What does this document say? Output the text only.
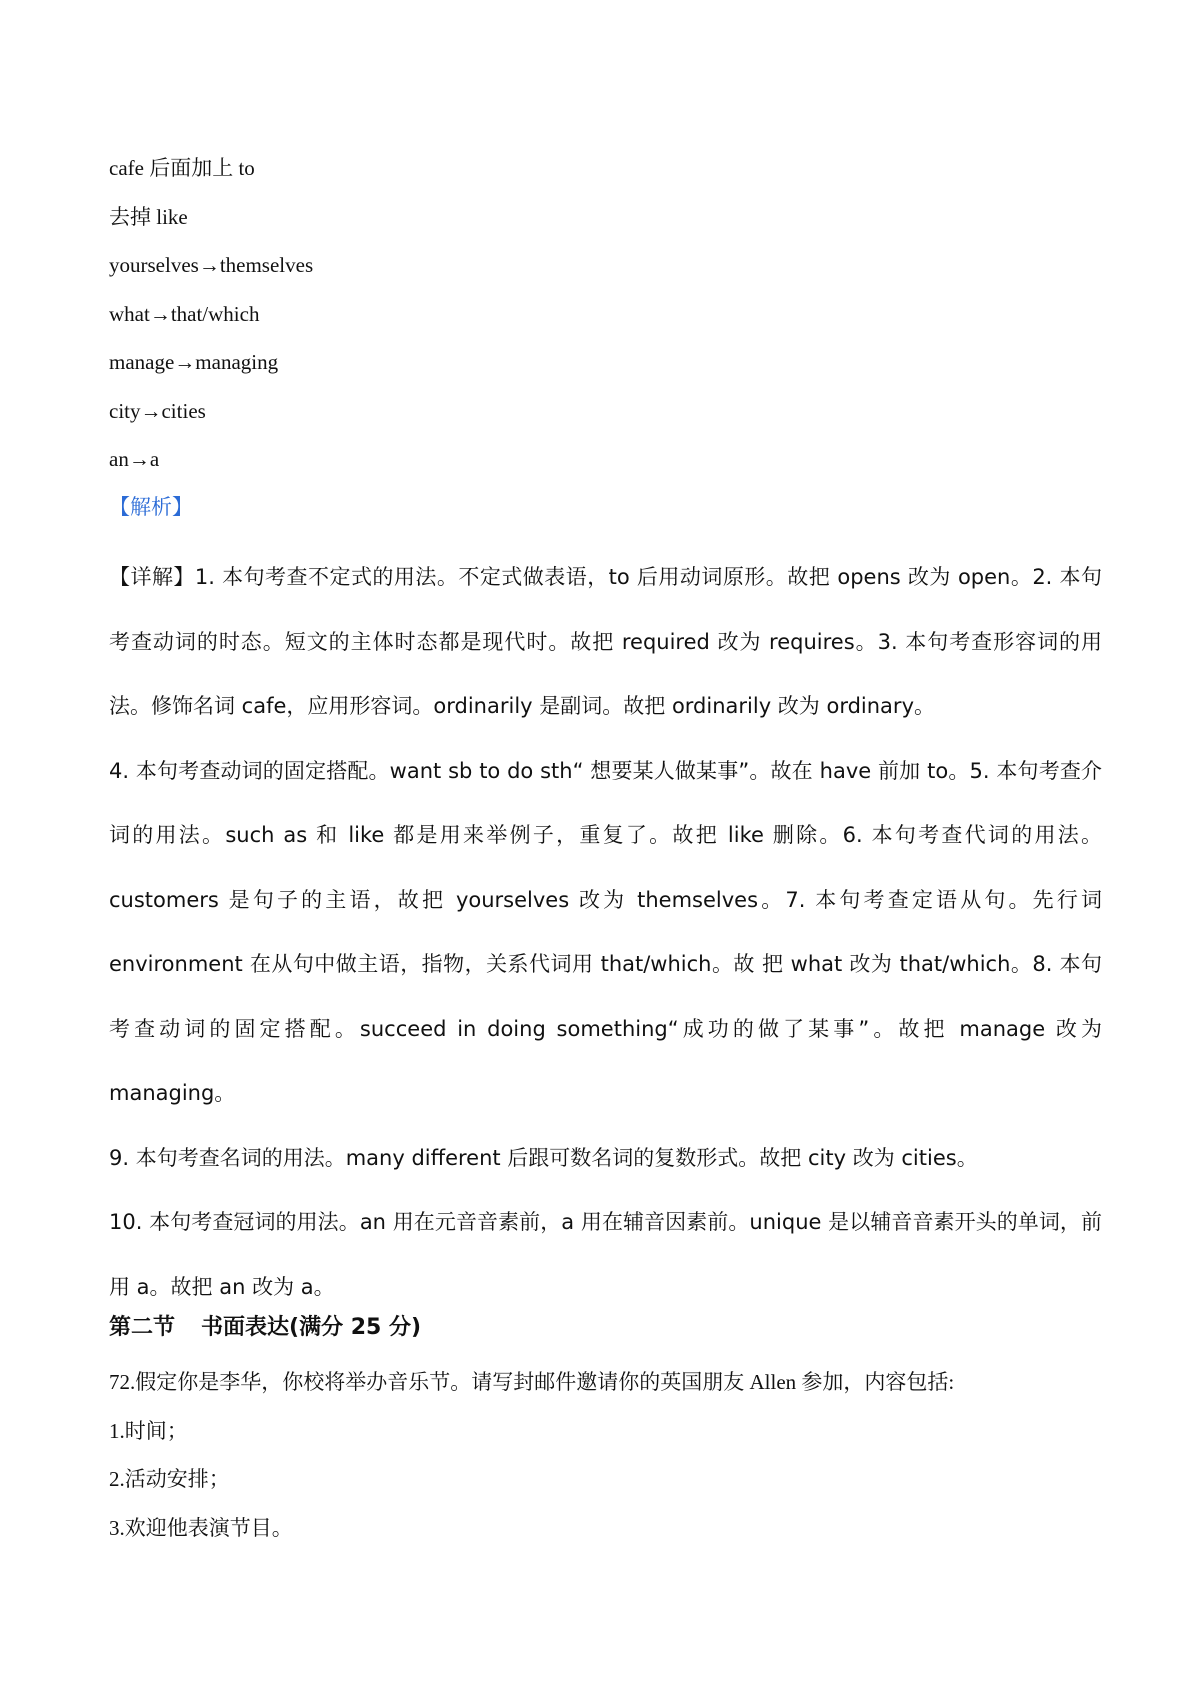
cafe 后面加上 to
去掉 like
yourselves→themselves
what→that/which
manage→managing
city→cities
an→a
【解析】

【详解】1. 本句考查不定式的用法。不定式做表语，to 后用动词原形。故把 opens 改为 open。2. 本句考查动词的时态。短文的主体时态都是现代时。故把 required 改为 requires。3. 本句考查形容词的用法。修饰名词 cafe，应用形容词。ordinarily 是副词。故把 ordinarily 改为 ordinary。

4. 本句考查动词的固定搭配。want sb to do sth“ 想要某人做某事”。故在 have 前加 to。5. 本句考查介词的用法。such as 和 like 都是用来举例子，重复了。故把 like 删除。6. 本句考查代词的用法。customers 是句子的主语，故把 yourselves 改为 themselves。7. 本句考查定语从句。先行词 environment 在从句中做主语，指物，关系代词用 that/which。故 把 what 改为 that/which。8. 本句考查动词的固定搭配。succeed in doing something“成功的做了某事”。故把 manage 改为 managing。

9. 本句考查名词的用法。many different 后跟可数名词的复数形式。故把 city 改为 cities。

10. 本句考查冠词的用法。an 用在元音音素前，a 用在辅音因素前。unique 是以辅音音素开头的单词，前用 a。故把 an 改为 a。

第二节 书面表达(满分 25 分)
72.假定你是李华，你校将举办音乐节。请写封邮件邀请你的英国朋友 Allen 参加，内容包括:
1.时间；
2.活动安排；
3.欢迎他表演节目。
